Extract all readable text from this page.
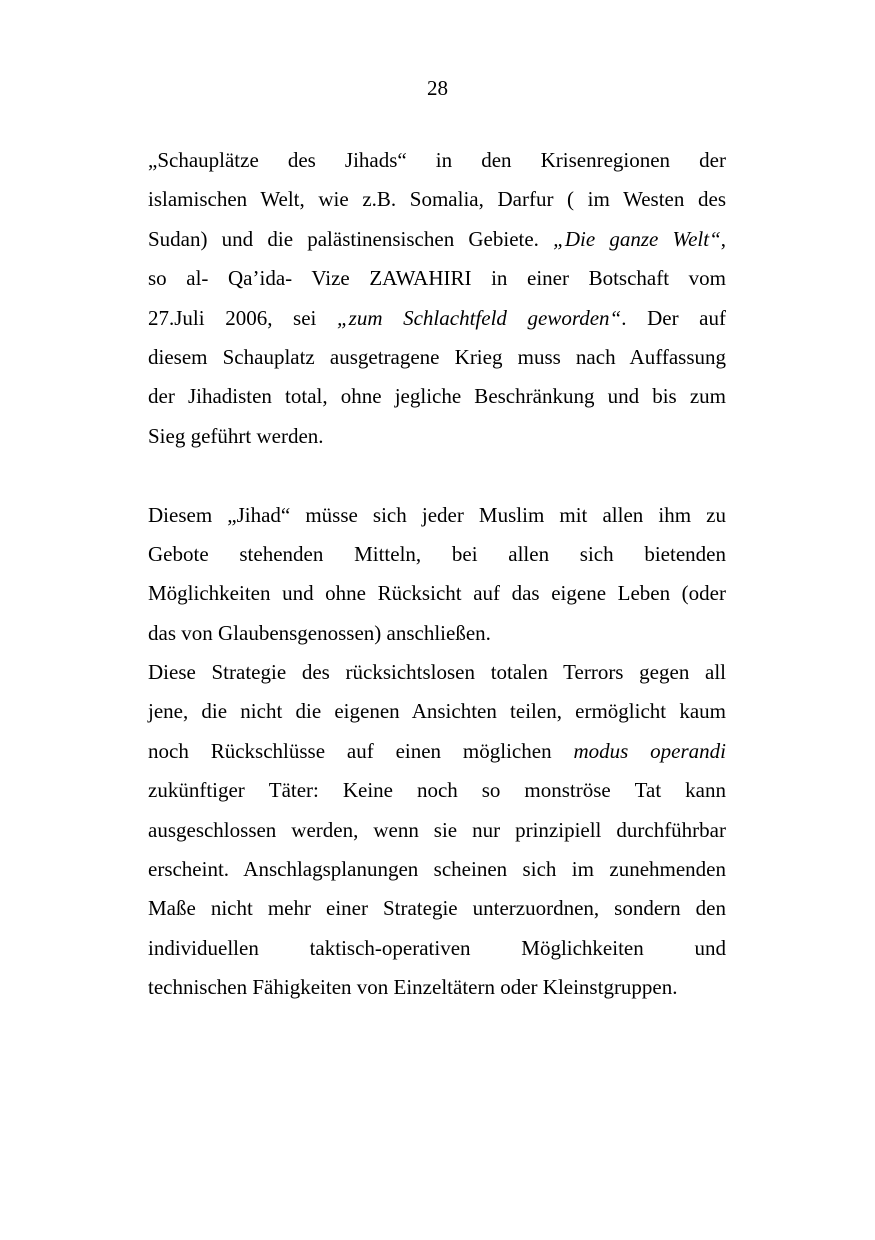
28
„Schauplätze des Jihads“ in den Krisenregionen der
islamischen Welt, wie z.B. Somalia, Darfur ( im Westen des
Sudan) und die palästinensischen Gebiete. „Die ganze Welt“,
so al- Qa’ida- Vize ZAWAHIRI in einer Botschaft vom
27.Juli 2006, sei „zum Schlachtfeld geworden“. Der auf
diesem Schauplatz ausgetragene Krieg muss nach Auffassung
der Jihadisten total, ohne jegliche Beschränkung und bis zum
Sieg geführt werden.
Diesem „Jihad“ müsse sich jeder Muslim mit allen ihm zu
Gebote stehenden Mitteln, bei allen sich bietenden
Möglichkeiten und ohne Rücksicht auf das eigene Leben (oder
das von Glaubensgenossen) anschließen.
Diese Strategie des rücksichtslosen totalen Terrors gegen all
jene, die nicht die eigenen Ansichten teilen, ermöglicht kaum
noch Rückschlüsse auf einen möglichen modus operandi
zukünftiger Täter: Keine noch so monströse Tat kann
ausgeschlossen werden, wenn sie nur prinzipiell durchführbar
erscheint. Anschlagsplanungen scheinen sich im zunehmenden
Maße nicht mehr einer Strategie unterzuordnen, sondern den
individuellen taktisch-operativen Möglichkeiten und
technischen Fähigkeiten von Einzeltätern oder Kleinstgruppen.
